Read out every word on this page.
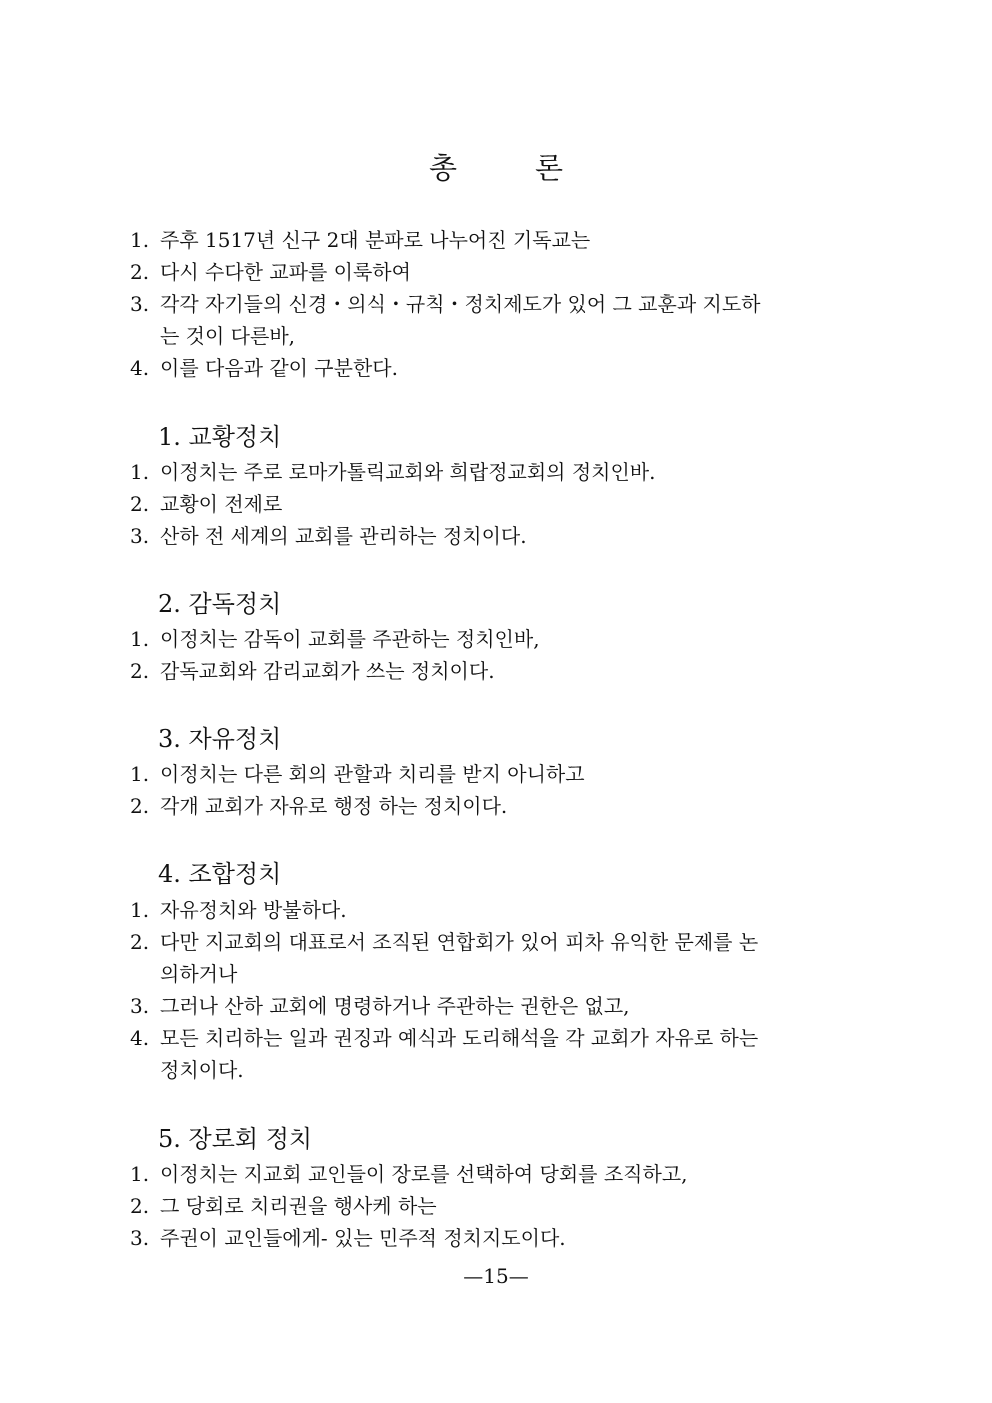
총	론
1. 주후 1517년 신구 2대 분파로 나누어진 기독교는
2. 다시 수다한 교파를 이룩하여
3. 각각 자기들의 신경・의식・규칙・정치제도가 있어 그 교훈과 지도하
는 것이 다른바,
4. 이를 다음과 같이 구분한다.
1. 교황정치
1. 이정치는 주로 로마가톨릭교회와 희랍정교회의 정치인바.
2. 교황이 전제로
3. 산하 전 세계의 교회를 관리하는 정치이다.
2. 감독정치
1. 이정치는 감독이 교회를 주관하는 정치인바,
2. 감독교회와 감리교회가 쓰는 정치이다.
3. 자유정치
1. 이정치는 다른 회의 관할과 치리를 받지 아니하고
2. 각개 교회가 자유로 행정 하는 정치이다.
4. 조합정치
1. 자유정치와 방불하다.
2. 다만 지교회의 대표로서 조직된 연합회가 있어 피차 유익한 문제를 논
의하거나
3. 그러나 산하 교회에 명령하거나 주관하는 권한은 없고,
4. 모든 치리하는 일과 권징과 예식과 도리해석을 각 교회가 자유로 하는
정치이다.
5. 장로회 정치
1. 이정치는 지교회 교인들이 장로를 선택하여 당회를 조직하고,
2. 그 당회로 치리권을 행사케 하는
3. 주권이 교인들에게- 있는 민주적 정치지도이다.
—15—
